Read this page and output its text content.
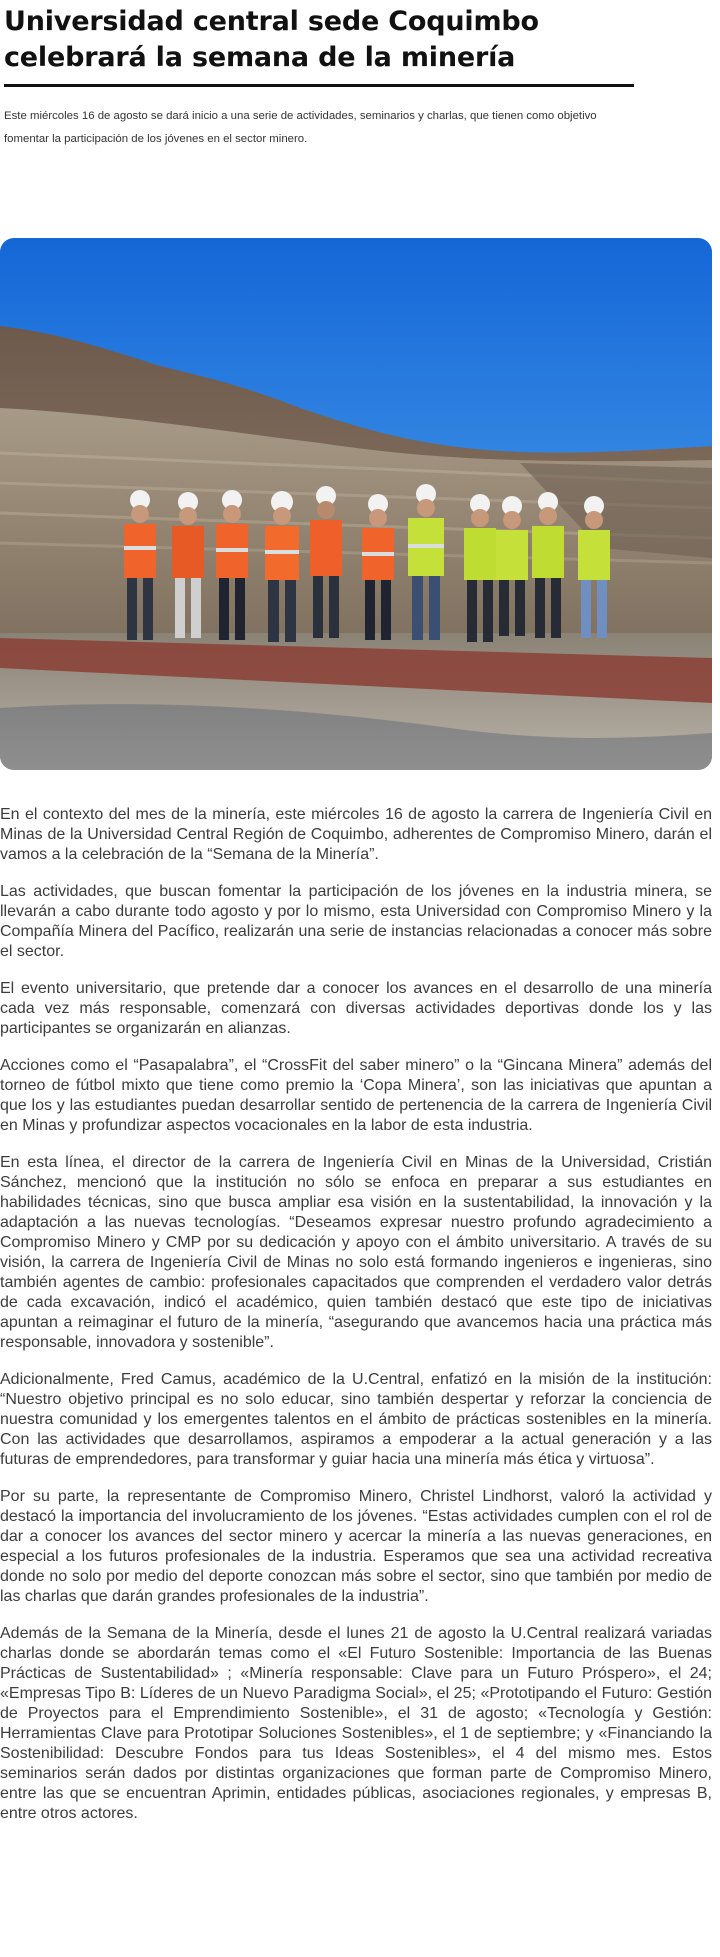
Universidad central sede Coquimbo celebrará la semana de la minería

Este miércoles 16 de agosto se dará inicio a una serie de actividades, seminarios y charlas, que tienen como objetivo fomentar la participación de los jóvenes en el sector minero.

En el contexto del mes de la minería, este miércoles 16 de agosto la carrera de Ingeniería Civil en Minas de la Universidad Central Región de Coquimbo, adherentes de Compromiso Minero, darán el vamos a la celebración de la “Semana de la Minería”.

Las actividades, que buscan fomentar la participación de los jóvenes en la industria minera, se llevarán a cabo durante todo agosto y por lo mismo, esta Universidad con Compromiso Minero y la Compañía Minera del Pacífico, realizarán una serie de instancias relacionadas a conocer más sobre el sector.

El evento universitario, que pretende dar a conocer los avances en el desarrollo de una minería cada vez más responsable, comenzará con diversas actividades deportivas donde los y las participantes se organizarán en alianzas.

Acciones como el “Pasapalabra”, el “CrossFit del saber minero” o la “Gincana Minera” además del torneo de fútbol mixto que tiene como premio la ‘Copa Minera’, son las iniciativas que apuntan a que los y las estudiantes puedan desarrollar sentido de pertenencia de la carrera de Ingeniería Civil en Minas y profundizar aspectos vocacionales en la labor de esta industria.

En esta línea, el director de la carrera de Ingeniería Civil en Minas de la Universidad, Cristián Sánchez, mencionó que la institución no sólo se enfoca en preparar a sus estudiantes en habilidades técnicas, sino que busca ampliar esa visión en la sustentabilidad, la innovación y la adaptación a las nuevas tecnologías. “Deseamos expresar nuestro profundo agradecimiento a Compromiso Minero y CMP por su dedicación y apoyo con el ámbito universitario. A través de su visión, la carrera de Ingeniería Civil de Minas no solo está formando ingenieros e ingenieras, sino también agentes de cambio: profesionales capacitados que comprenden el verdadero valor detrás de cada excavación, indicó el académico, quien también destacó que este tipo de iniciativas apuntan a reimaginar el futuro de la minería, “asegurando que avancemos hacia una práctica más responsable, innovadora y sostenible”.

Adicionalmente, Fred Camus, académico de la U.Central, enfatizó en la misión de la institución: “Nuestro objetivo principal es no solo educar, sino también despertar y reforzar la conciencia de nuestra comunidad y los emergentes talentos en el ámbito de prácticas sostenibles en la minería. Con las actividades que desarrollamos, aspiramos a empoderar a la actual generación y a las futuras de emprendedores, para transformar y guiar hacia una minería más ética y virtuosa”.

Por su parte, la representante de Compromiso Minero, Christel Lindhorst, valoró la actividad y destacó la importancia del involucramiento de los jóvenes. “Estas actividades cumplen con el rol de dar a conocer los avances del sector minero y acercar la minería a las nuevas generaciones, en especial a los futuros profesionales de la industria. Esperamos que sea una actividad recreativa donde no solo por medio del deporte conozcan más sobre el sector, sino que también por medio de las charlas que darán grandes profesionales de la industria”.

Además de la Semana de la Minería, desde el lunes 21 de agosto la U.Central realizará variadas charlas donde se abordarán temas como el «El Futuro Sostenible: Importancia de las Buenas Prácticas de Sustentabilidad» ; «Minería responsable: Clave para un Futuro Próspero», el 24; «Empresas Tipo B: Líderes de un Nuevo Paradigma Social», el 25; «Prototipando el Futuro: Gestión de Proyectos para el Emprendimiento Sostenible», el 31 de agosto; «Tecnología y Gestión: Herramientas Clave para Prototipar Soluciones Sostenibles», el 1 de septiembre; y «Financiando la Sostenibilidad: Descubre Fondos para tus Ideas Sostenibles», el 4 del mismo mes. Estos seminarios serán dados por distintas organizaciones que forman parte de Compromiso Minero, entre las que se encuentran Aprimin, entidades públicas, asociaciones regionales, y empresas B, entre otros actores.
